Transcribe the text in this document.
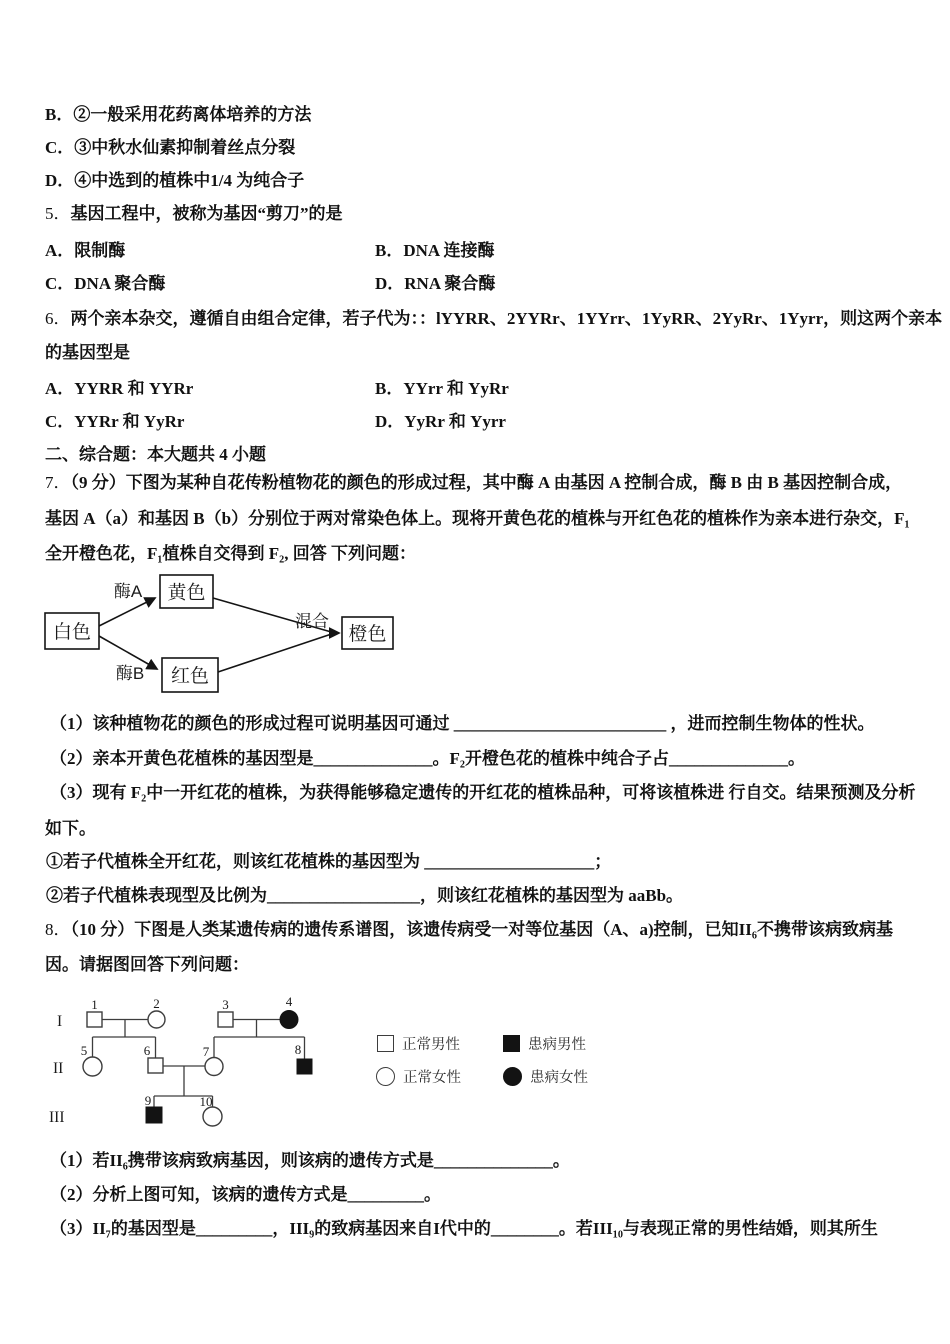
B．②一般采用花药离体培养的方法
C．③中秋水仙素抑制着丝点分裂
D．④中选到的植株中1/4 为纯合子
5．基因工程中，被称为基因“剪刀”的是
A．限制酶	B．DNA 连接酶
C．DNA 聚合酶	D．RNA 聚合酶
6．两个亲本杂交，遵循自由组合定律，若子代为：：lYYRR、2YYRr、1YYrr、1YyRR、2YyRr、1Yyrr，则这两个亲本
的基因型是
A．YYRR 和 YYRr	B．YYrr 和 YyRr
C．YYRr 和 YyRr	D．YyRr 和 Yyrr
二、综合题：本大题共 4 小题
7．（9 分）下图为某种自花传粉植物花的颜色的形成过程，其中酶 A 由基因 A 控制合成，酶 B 由 B 基因控制合成，
基因 A（a）和基因 B（b）分别位于两对常染色体上。现将开黄色花的植株与开红色花的植株作为亲本进行杂交，F₁
全开橙色花，F₁植株自交得到 F₂, 回答 下列问题：
白色
黄色
红色
橙色
酶A
酶B
混合
（1）该种植物花的颜色的形成过程可说明基因可通过 _________________________ ，进而控制生物体的性状。
（2）亲本开黄色花植株的基因型是______________。F₂开橙色花的植株中纯合子占______________。
（3）现有 F₂中一开红花的植株，为获得能够稳定遗传的开红花的植株品种，可将该植株进 行自交。结果预测及分析
如下。
①若子代植株全开红花，则该红花植株的基因型为 ____________________；
②若子代植株表现型及比例为__________________，则该红花植株的基因型为 aaBb。
8．（10 分）下图是人类某遗传病的遗传系谱图，该遗传病受一对等位基因（A、a)控制，已知II₆不携带该病致病基
因。请据图回答下列问题：
1	2	3	4
5	6	7	8
9	10
I
II
III
正常男性	患病男性
正常女性	患病女性
（1）若II₆携带该病致病基因，则该病的遗传方式是______________。
（2）分析上图可知，该病的遗传方式是_________。
（3）II₇的基因型是_________，III₉的致病基因来自I代中的________。若III₁₀与表现正常的男性结婚，则其所生
